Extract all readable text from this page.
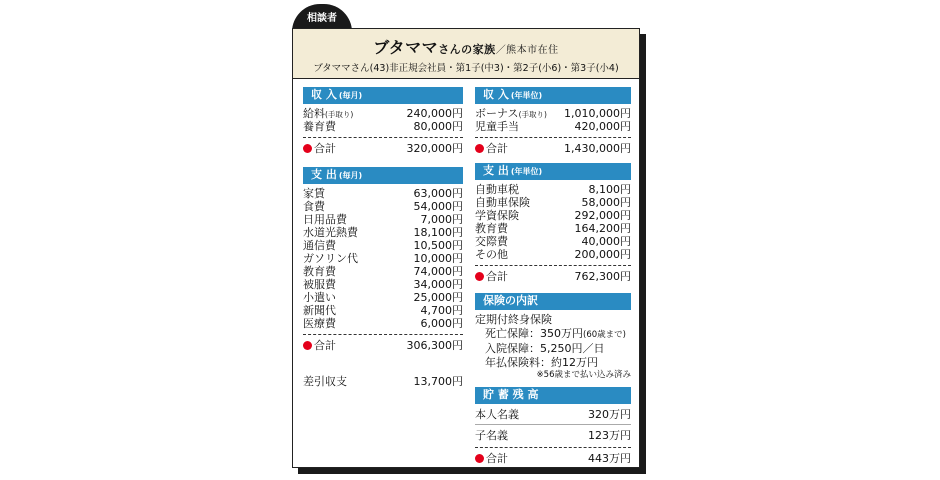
相談者
ブタママさんの家族／熊本市在住
ブタママさん(43)非正規会社員・第1子(中3)・第2子(小6)・第3子(小4)
収 入 (毎月)
給料(手取り)	240,000円
養育費	80,000円
合計	320,000円
支 出 (毎月)
家賃	63,000円
食費	54,000円
日用品費	7,000円
水道光熱費	18,100円
通信費	10,500円
ガソリン代	10,000円
教育費	74,000円
被服費	34,000円
小遣い	25,000円
新聞代	4,700円
医療費	6,000円
合計	306,300円
差引収支	13,700円
収 入 (年単位)
ボーナス(手取り) 1,010,000円
児童手当	420,000円
合計	1,430,000円
支 出 (年単位)
自動車税	8,100円
自動車保険	58,000円
学資保険	292,000円
教育費	164,200円
交際費	40,000円
その他	200,000円
合計	762,300円
保険の内訳
定期付終身保険
死亡保障：350万円(60歳まで)
入院保障：5,250円／日
年払保険料：約12万円
※56歳まで払い込み済み
貯 蓄 残 高
本人名義	320万円
子名義	123万円
合計	443万円
